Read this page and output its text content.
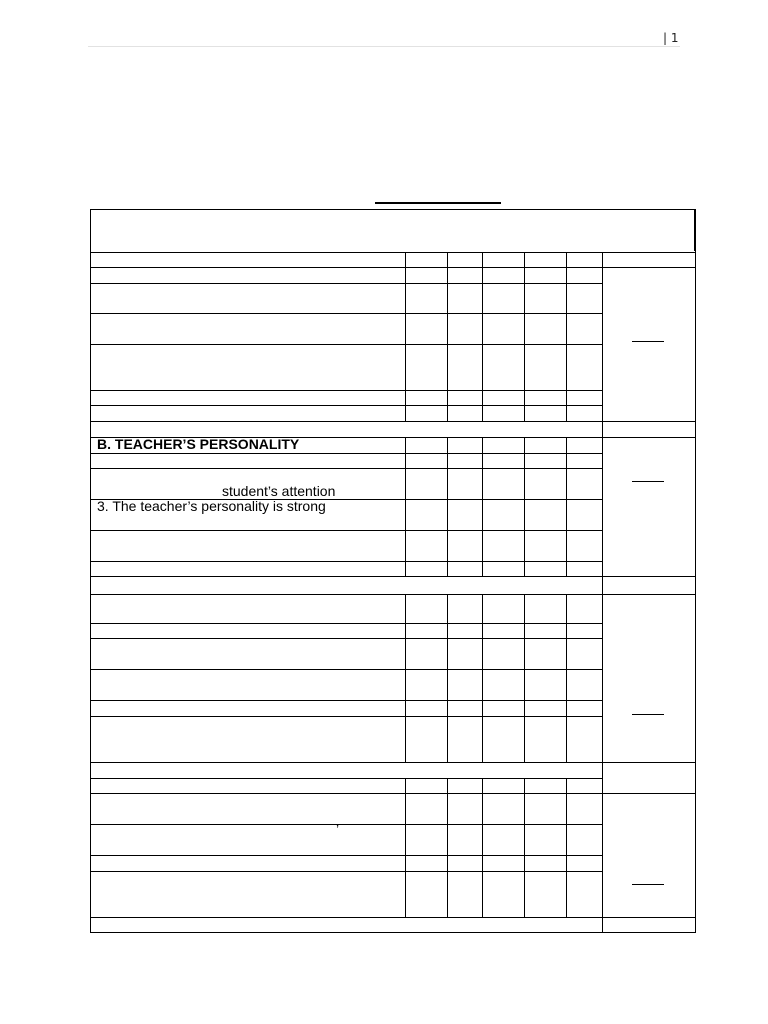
| 1
B. TEACHER’S PERSONALITY
student’s attention
3. The teacher’s personality is strong
’
